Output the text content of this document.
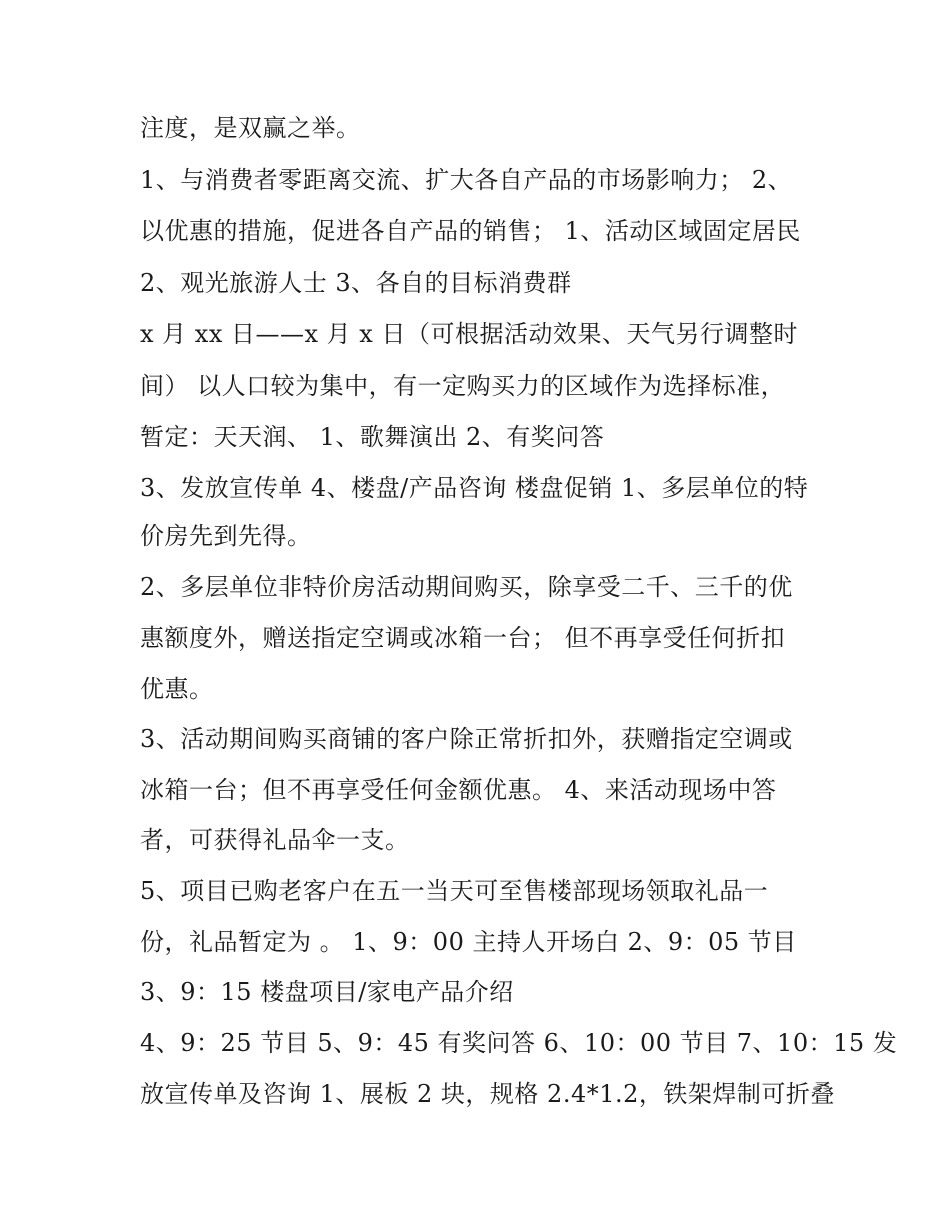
注度，是双赢之举。
1、与消费者零距离交流、扩大各自产品的市场影响力； 2、
以优惠的措施，促进各自产品的销售； 1、活动区域固定居民
2、观光旅游人士 3、各自的目标消费群
x 月 xx 日——x 月 x 日（可根据活动效果、天气另行调整时
间） 以人口较为集中，有一定购买力的区域作为选择标准，
暂定：天天润、 1、歌舞演出 2、有奖问答
3、发放宣传单 4、楼盘/产品咨询 楼盘促销 1、多层单位的特
价房先到先得。
2、多层单位非特价房活动期间购买，除享受二千、三千的优
惠额度外，赠送指定空调或冰箱一台； 但不再享受任何折扣
优惠。
3、活动期间购买商铺的客户除正常折扣外，获赠指定空调或
冰箱一台；但不再享受任何金额优惠。 4、来活动现场中答
者，可获得礼品伞一支。
5、项目已购老客户在五一当天可至售楼部现场领取礼品一
份，礼品暂定为 。 1、9：00 主持人开场白 2、9：05 节目
3、9：15 楼盘项目/家电产品介绍
4、9：25 节目 5、9：45 有奖问答 6、10：00 节目 7、10：15 发
放宣传单及咨询 1、展板 2 块，规格 2.4*1.2，铁架焊制可折叠
